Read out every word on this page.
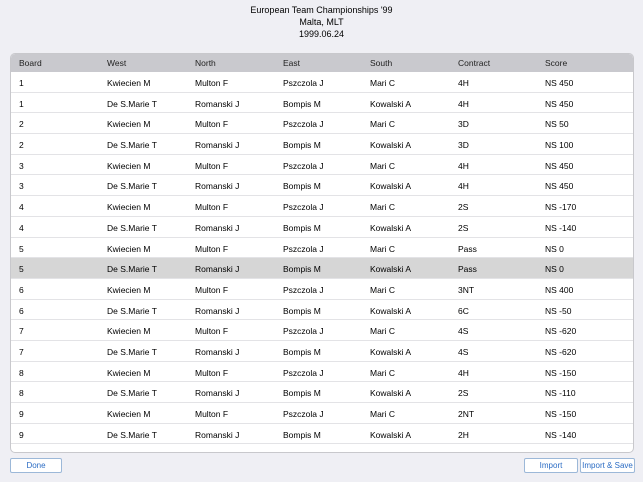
European Team Championships '99
Malta, MLT
1999.06.24
Board	West	North	East	South	Contract	Score
1	Kwiecien M	Multon F	Pszczola J	Mari C	4H	NS 450
1	De S.Marie T	Romanski J	Bompis M	Kowalski A	4H	NS 450
2	Kwiecien M	Multon F	Pszczola J	Mari C	3D	NS 50
2	De S.Marie T	Romanski J	Bompis M	Kowalski A	3D	NS 100
3	Kwiecien M	Multon F	Pszczola J	Mari C	4H	NS 450
3	De S.Marie T	Romanski J	Bompis M	Kowalski A	4H	NS 450
4	Kwiecien M	Multon F	Pszczola J	Mari C	2S	NS -170
4	De S.Marie T	Romanski J	Bompis M	Kowalski A	2S	NS -140
5	Kwiecien M	Multon F	Pszczola J	Mari C	Pass	NS 0
5	De S.Marie T	Romanski J	Bompis M	Kowalski A	Pass	NS 0
6	Kwiecien M	Multon F	Pszczola J	Mari C	3NT	NS 400
6	De S.Marie T	Romanski J	Bompis M	Kowalski A	6C	NS -50
7	Kwiecien M	Multon F	Pszczola J	Mari C	4S	NS -620
7	De S.Marie T	Romanski J	Bompis M	Kowalski A	4S	NS -620
8	Kwiecien M	Multon F	Pszczola J	Mari C	4H	NS -150
8	De S.Marie T	Romanski J	Bompis M	Kowalski A	2S	NS -110
9	Kwiecien M	Multon F	Pszczola J	Mari C	2NT	NS -150
9	De S.Marie T	Romanski J	Bompis M	Kowalski A	2H	NS -140
Done	Import	Import & Save
